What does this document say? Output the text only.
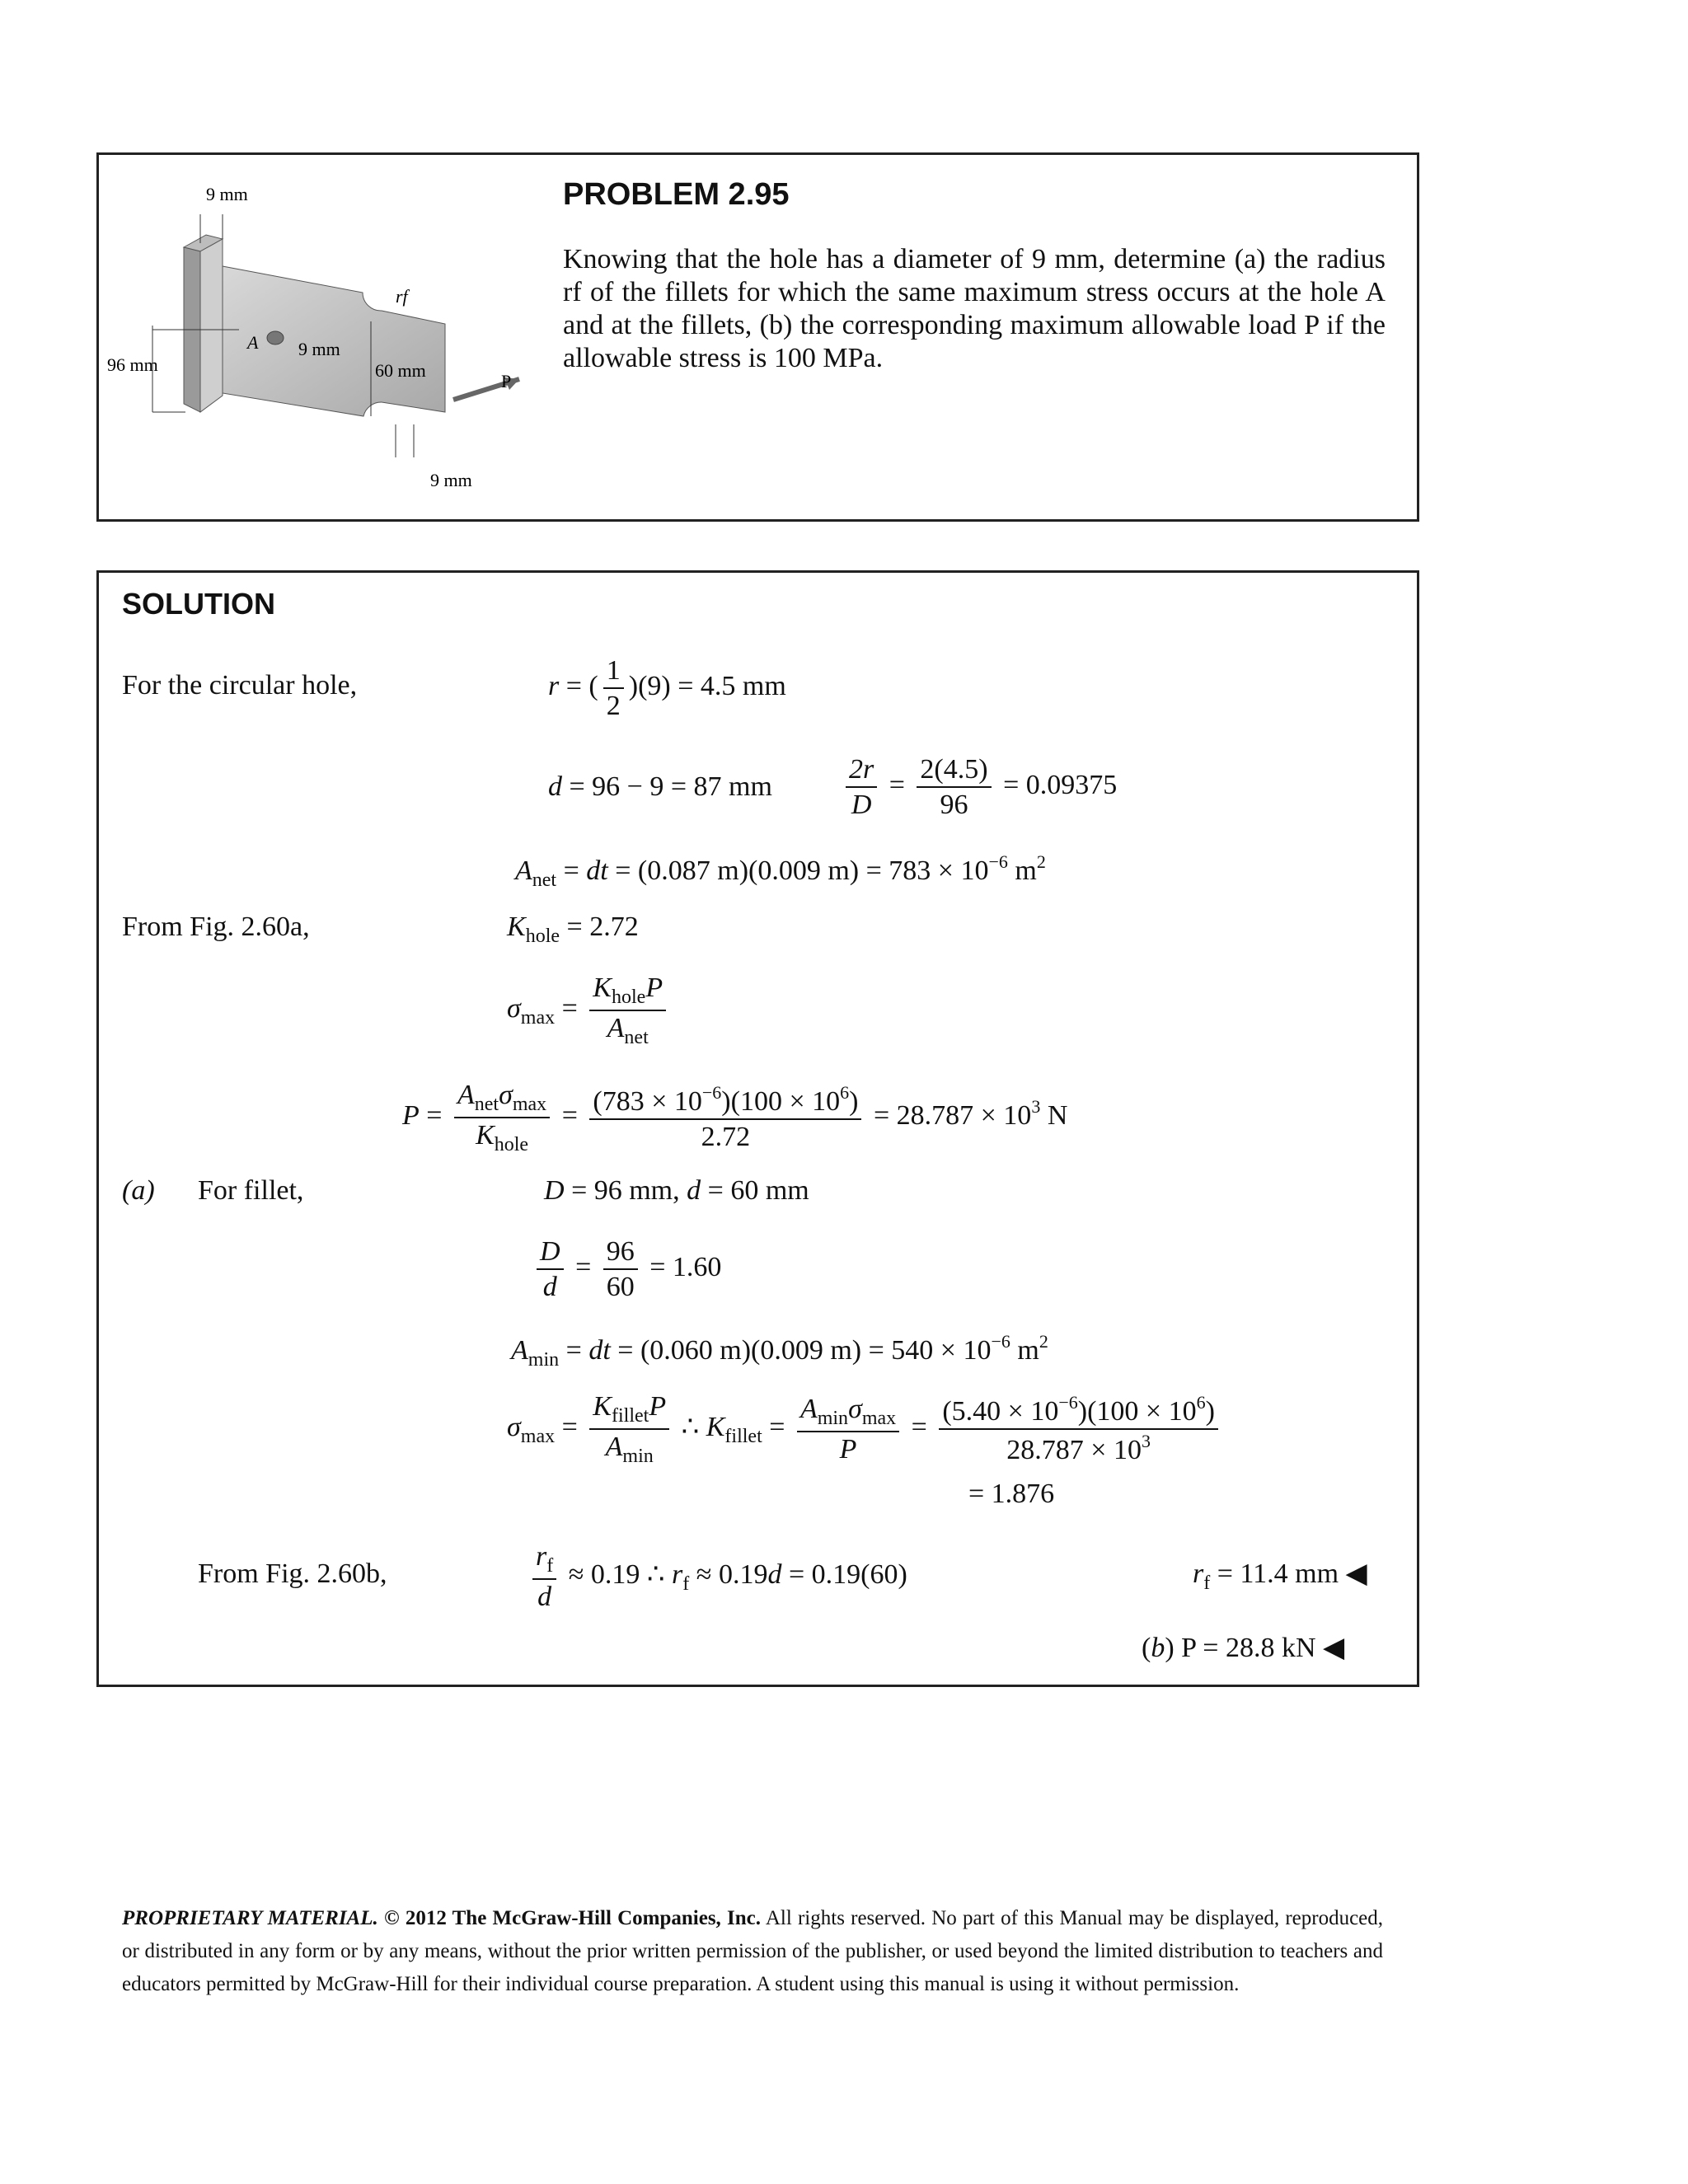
9 mm
rf
A 9 mm
96 mm	60 mm
P
9 mm
PROBLEM 2.95

Knowing that the hole has a diameter of 9 mm, determine (a) the radius rf of the fillets for which the same maximum stress occurs at the hole A and at the fillets, (b) the corresponding maximum allowable load P if the allowable stress is 100 MPa.

SOLUTION
For the circular hole,	r = ( $\frac{1}{2} )(9) = 4.5$ mm
d = 96 − 9 = 87 mm	$\frac{2r}{D} = \frac{2(4.5)}{96} = 0.09375$
$A_{net}$ = dt = (0.087 m)(0.009 $m) = 783 \times 10^{-6}$ $m^2$
From Fig. 2.60a,	$K_{hole} = 2.72$
$\sigma_{max} = \frac{K_{hole}P}{A_{net}}$
$P = \frac{A_{net}\sigma_{max}}{K_{hole}} = \frac{(783 \times 10^{-6})(100 \times 10^6)}{2.72} = 28.787 \times 10^3$ N
(a) For fillet,	D = 96 mm, d = 60 mm
$\frac{D}{d} = \frac{96}{60} = 1.60$
$A_{min}$ = dt = (0.060 m)(0.009 $m) = 540 \times 10^{-6}$ $m^2$
$\sigma_{max} = \frac{K_{fillet}P}{A_{min}}$ ∴ $K_{fillet} = \frac{A_{min}\sigma_{max}}{P} = \frac{(5.40 \times 10^{-6})(100 \times 10^6)}{28.787 \times 10^3}$
= 1.876
From Fig. 2.60b,	$\frac{r_f}{d} \approx 0.19$ ∴ $r_f \approx 0.19d = 0.19(60)$	$r_f = 11.4$ mm ◀
(b) P = 28.8 kN ◀
PROPRIETARY MATERIAL. © 2012 The McGraw-Hill Companies, Inc. All rights reserved. No part of this Manual may be displayed, reproduced, or distributed in any form or by any means, without the prior written permission of the publisher, or used beyond the limited distribution to teachers and educators permitted by McGraw-Hill for their individual course preparation. A student using this manual is using it without permission.
